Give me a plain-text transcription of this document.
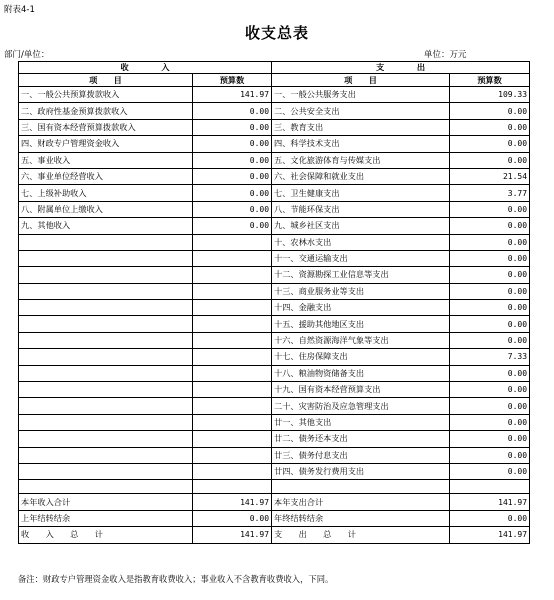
附表4-1
收支总表
部门/单位：	单位：万元
收　　　　入		支　　　　出	
项　　目	预算数	项　　目	预算数
一、一般公共预算拨款收入	141.97	一、一般公共服务支出	109.33
二、政府性基金预算拨款收入	0.00	二、公共安全支出	0.00
三、国有资本经营预算拨款收入	0.00	三、教育支出	0.00
四、财政专户管理资金收入	0.00	四、科学技术支出	0.00
五、事业收入	0.00	五、文化旅游体育与传媒支出	0.00
六、事业单位经营收入	0.00	六、社会保障和就业支出	21.54
七、上级补助收入	0.00	七、卫生健康支出	3.77
八、附属单位上缴收入	0.00	八、节能环保支出	0.00
九、其他收入	0.00	九、城乡社区支出	0.00
		十、农林水支出	0.00
		十一、交通运输支出	0.00
		十二、资源勘探工业信息等支出	0.00
		十三、商业服务业等支出	0.00
		十四、金融支出	0.00
		十五、援助其他地区支出	0.00
		十六、自然资源海洋气象等支出	0.00
		十七、住房保障支出	7.33
		十八、粮油物资储备支出	0.00
		十九、国有资本经营预算支出	0.00
		二十、灾害防治及应急管理支出	0.00
		廿一、其他支出	0.00
		廿二、债务还本支出	0.00
		廿三、债务付息支出	0.00
		廿四、债务发行费用支出	0.00

本年收入合计	141.97	本年支出合计	141.97
上年结转结余	0.00	年终结转结余	0.00
收　　入　　总　　计	141.97	支　　出　　总　　计	141.97
备注：财政专户管理资金收入是指教育收费收入；事业收入不含教育收费收入，下同。
